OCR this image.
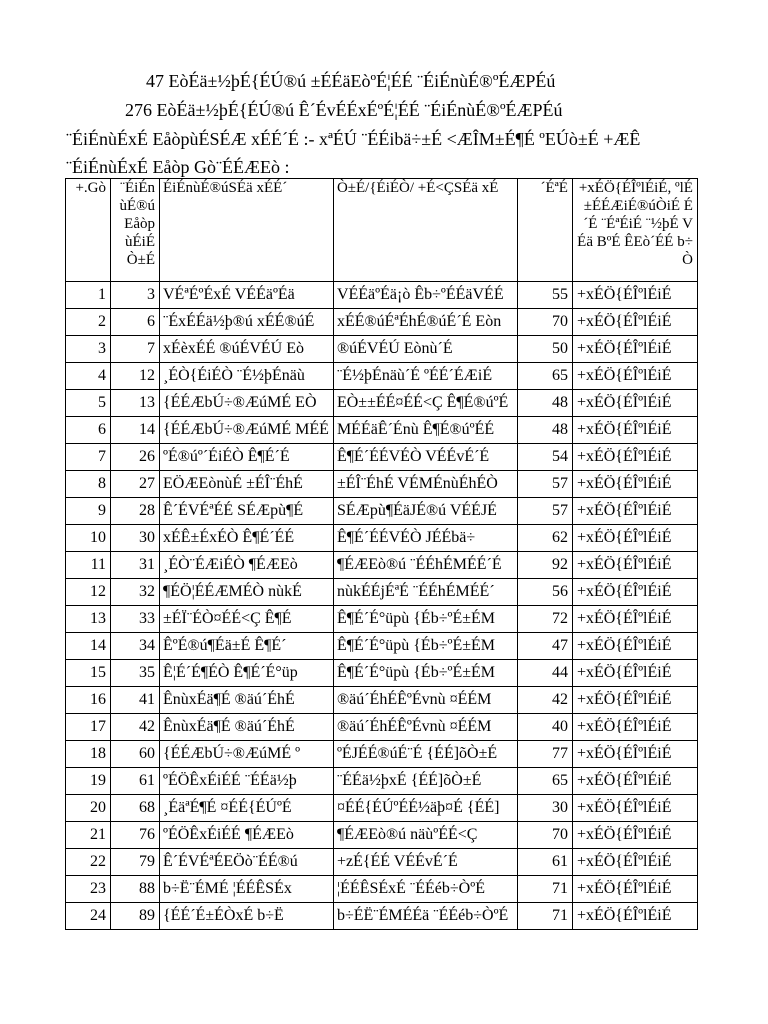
47 EòÉä±½þÉ{ÉÚ®ú ±ÉÉäEòºÉ¦ÉÉ ¨ÉiÉnùÉ®ºÉÆPÉú
276 EòÉä±½þÉ{ÉÚ®ú Ê´ÉvÉÉxÉºÉ¦ÉÉ ¨ÉiÉnùÉ®ºÉÆPÉú
¨ÉiÉnùÉxÉ EåòpùÉSÉÆ xÉÉ´É :- xªÉÚ ¨ÉÉibä÷±É <ÆÎM±É¶É ºEÚò±É +ÆÊ
¨ÉiÉnùÉxÉ Eåòp Gò¨ÉÉÆEò :
+.Gò	¨ÉiÉnùÉ®ú Eåòp ùÉiÉ Ò±É	ÉiÉnùÉ®úSÉä xÉÉ´	Ò±É/{ÉiÉÒ/ +É<ÇSÉä xÉ	´ÉªÉ	+xÉÖ{ÉÎºlÉiÉ, ºlÉ±ÉÉÆiÉ®úÒiÉ É ´É ¨ÉªÉiÉ ¨½þÉ VÉä BºÉ ÊEò´ÉÉ b÷Ò
1	3	VÉªÉºÉxÉ VÉÉäºÉä	VÉÉäºÉä¡ò Êb÷ºÉÉäVÉÉ	55	+xÉÖ{ÉÎºlÉiÉ
2	6	¨ÉxÉÉä½þ®ú xÉÉ®úÉ	xÉÉ®úÉªÉhÉ®úÉ´É Eòn	70	+xÉÖ{ÉÎºlÉiÉ
3	7	xÉèxÉÉ ®úÉVÉÚ Eò	®úÉVÉÚ Eònù´É	50	+xÉÖ{ÉÎºlÉiÉ
4	12	¸ÉÒ{ÉiÉÒ ¨É½þÉnäù	¨É½þÉnäù´É ºÉÉ´ÉÆiÉ	65	+xÉÖ{ÉÎºlÉiÉ
5	13	{ÉÉÆbÚ÷®ÆúMÉ EÒ	EÒ±±ÉÉ¤ÉÉ<Ç Ê¶É®úºÉ	48	+xÉÖ{ÉÎºlÉiÉ
6	14	{ÉÉÆbÚ÷®ÆúMÉ MÉÉ	MÉÉäÊ´Énù Ê¶É®úºÉÉ	48	+xÉÖ{ÉÎºlÉiÉ
7	26	ºÉ®úº´ÉiÉÒ Ê¶É´É	Ê¶É´ÉÉVÉÒ VÉÉvÉ´É	54	+xÉÖ{ÉÎºlÉiÉ
8	27	EÖÆEònùÉ ±ÉÎ¨ÉhÉ	±ÉÎ¨ÉhÉ VÉMÉnùÉhÉÒ	57	+xÉÖ{ÉÎºlÉiÉ
9	28	Ê´ÉVÉªÉÉ SÉÆpù¶É	SÉÆpù¶ÉäJÉ®ú VÉÉJÉ	57	+xÉÖ{ÉÎºlÉiÉ
10	30	xÉÊ±ÉxÉÒ Ê¶É´ÉÉ	Ê¶É´ÉÉVÉÒ JÉÉbä÷	62	+xÉÖ{ÉÎºlÉiÉ
11	31	¸ÉÒ¨ÉÆiÉÒ ¶ÉÆEò	¶ÉÆEò®ú ¨ÉÉhÉMÉÉ´É	92	+xÉÖ{ÉÎºlÉiÉ
12	32	¶ÉÖ¦ÉÉÆMÉÒ nùkÉ	nùkÉÉjÉªÉ ¨ÉÉhÉMÉÉ´	56	+xÉÖ{ÉÎºlÉiÉ
13	33	±ÉÏ¨ÉÒ¤ÉÉ<Ç Ê¶É	Ê¶É´É°üpù {Éb÷ºÉ±ÉM	72	+xÉÖ{ÉÎºlÉiÉ
14	34	ÊºÉ®ú¶Éä±É Ê¶É´	Ê¶É´É°üpù {Éb÷ºÉ±ÉM	47	+xÉÖ{ÉÎºlÉiÉ
15	35	Ê¦É´É¶ÉÒ Ê¶É´É°üp	Ê¶É´É°üpù {Éb÷ºÉ±ÉM	44	+xÉÖ{ÉÎºlÉiÉ
16	41	ÊnùxÉä¶É ®äú´ÉhÉ	®äú´ÉhÉÊºÉvnù ¤ÉÉM	42	+xÉÖ{ÉÎºlÉiÉ
17	42	ÊnùxÉä¶É ®äú´ÉhÉ	®äú´ÉhÉÊºÉvnù ¤ÉÉM	40	+xÉÖ{ÉÎºlÉiÉ
18	60	{ÉÉÆbÚ÷®ÆúMÉ º	ºÉJÉÉ®úÉ¨É {ÉÉ]õÒ±É	77	+xÉÖ{ÉÎºlÉiÉ
19	61	ºÉÖÊxÉiÉÉ ¨ÉÉä½þ	¨ÉÉä½þxÉ {ÉÉ]õÒ±É	65	+xÉÖ{ÉÎºlÉiÉ
20	68	¸ÉäªÉ¶É ¤ÉÉ{ÉÚºÉ	¤ÉÉ{ÉÚºÉÉ½äþ¤É {ÉÉ]	30	+xÉÖ{ÉÎºlÉiÉ
21	76	ºÉÖÊxÉiÉÉ ¶ÉÆEò	¶ÉÆEò®ú näùºÉÉ<Ç	70	+xÉÖ{ÉÎºlÉiÉ
22	79	Ê´ÉVÉªÉEÖò¨ÉÉ®ú	+zÉ{ÉÉ VÉÉvÉ´É	61	+xÉÖ{ÉÎºlÉiÉ
23	88	b÷Ë¨ÉMÉ ¦ÉÉÊSÉx	¦ÉÉÊSÉxÉ ¨ÉÉéb÷ÒºÉ	71	+xÉÖ{ÉÎºlÉiÉ
24	89	{ÉÉ´É±ÉÒxÉ b÷Ë	b÷ÉË¨ÉMÉÉä ¨ÉÉéb÷ÒºÉ	71	+xÉÖ{ÉÎºlÉiÉ
